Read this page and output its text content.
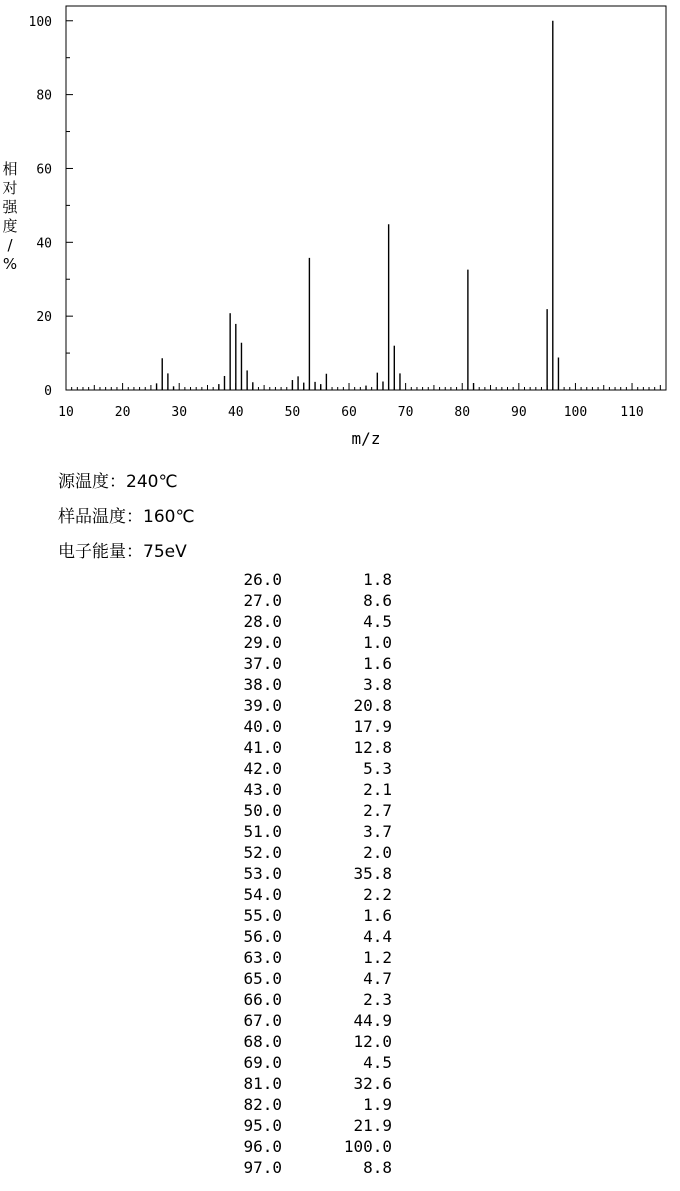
10	20	30	40	50	60	70	80	90	100	110
0
20
40
60
80
100
m/z
相
对
强
度
/
%
源温度：240℃
样品温度：160℃
电子能量：75eV
26.0	1.8
27.0	8.6
28.0	4.5
29.0	1.0
37.0	1.6
38.0	3.8
39.0	20.8
40.0	17.9
41.0	12.8
42.0	5.3
43.0	2.1
50.0	2.7
51.0	3.7
52.0	2.0
53.0	35.8
54.0	2.2
55.0	1.6
56.0	4.4
63.0	1.2
65.0	4.7
66.0	2.3
67.0	44.9
68.0	12.0
69.0	4.5
81.0	32.6
82.0	1.9
95.0	21.9
96.0	100.0
97.0	8.8
